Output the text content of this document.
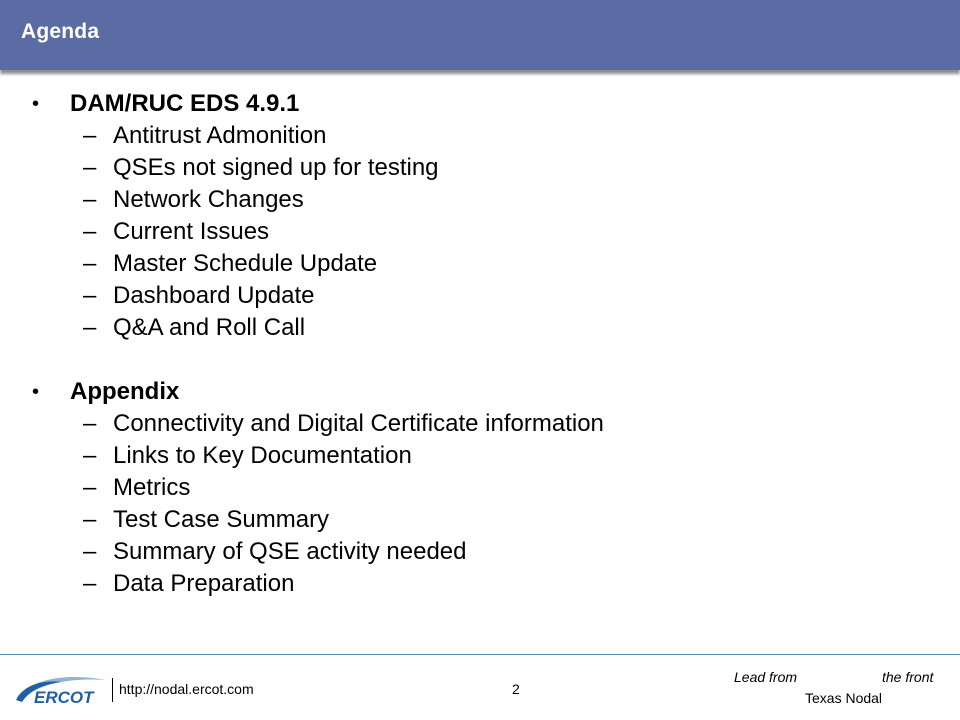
Agenda
•	DAM/RUC EDS 4.9.1
– Antitrust Admonition
– QSEs not signed up for testing
– Network Changes
– Current Issues
– Master Schedule Update
– Dashboard Update
– Q&A and Roll Call
•	Appendix
– Connectivity and Digital Certificate information
– Links to Key Documentation
– Metrics
– Test Case Summary
– Summary of QSE activity needed
– Data Preparation
ERCOT http://nodal.ercot.com	2
Lead from	the front
Texas Nodal
